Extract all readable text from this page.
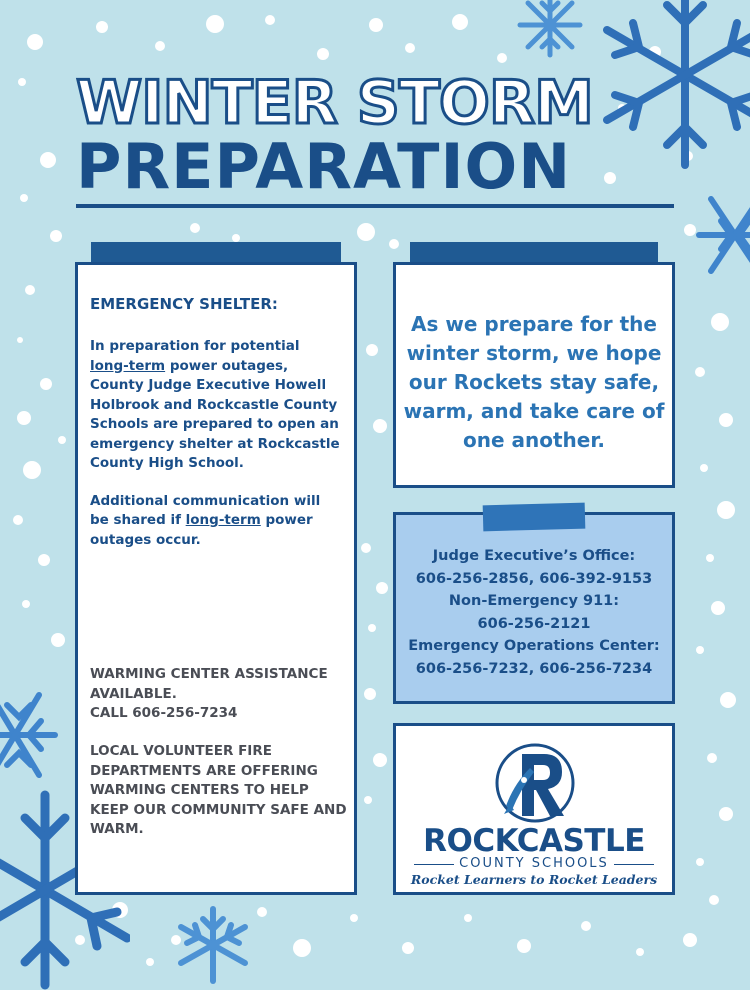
WINTER STORM
PREPARATION

EMERGENCY SHELTER:

In preparation for potential long-term power outages, County Judge Executive Howell Holbrook and Rockcastle County Schools are prepared to open an emergency shelter at Rockcastle County High School.

Additional communication will be shared if long-term power outages occur.

WARMING CENTER ASSISTANCE AVAILABLE.
CALL 606-256-7234
LOCAL VOLUNTEER FIRE DEPARTMENTS ARE OFFERING WARMING CENTERS TO HELP KEEP OUR COMMUNITY SAFE AND WARM.
As we prepare for the winter storm, we hope our Rockets stay safe, warm, and take care of one another.
Judge Executive’s Office:
606-256-2856, 606-392-9153
Non-Emergency 911:
606-256-2121
Emergency Operations Center:
606-256-7232, 606-256-7234
ROCKCASTLE
COUNTY SCHOOLS
Rocket Learners to Rocket Leaders
